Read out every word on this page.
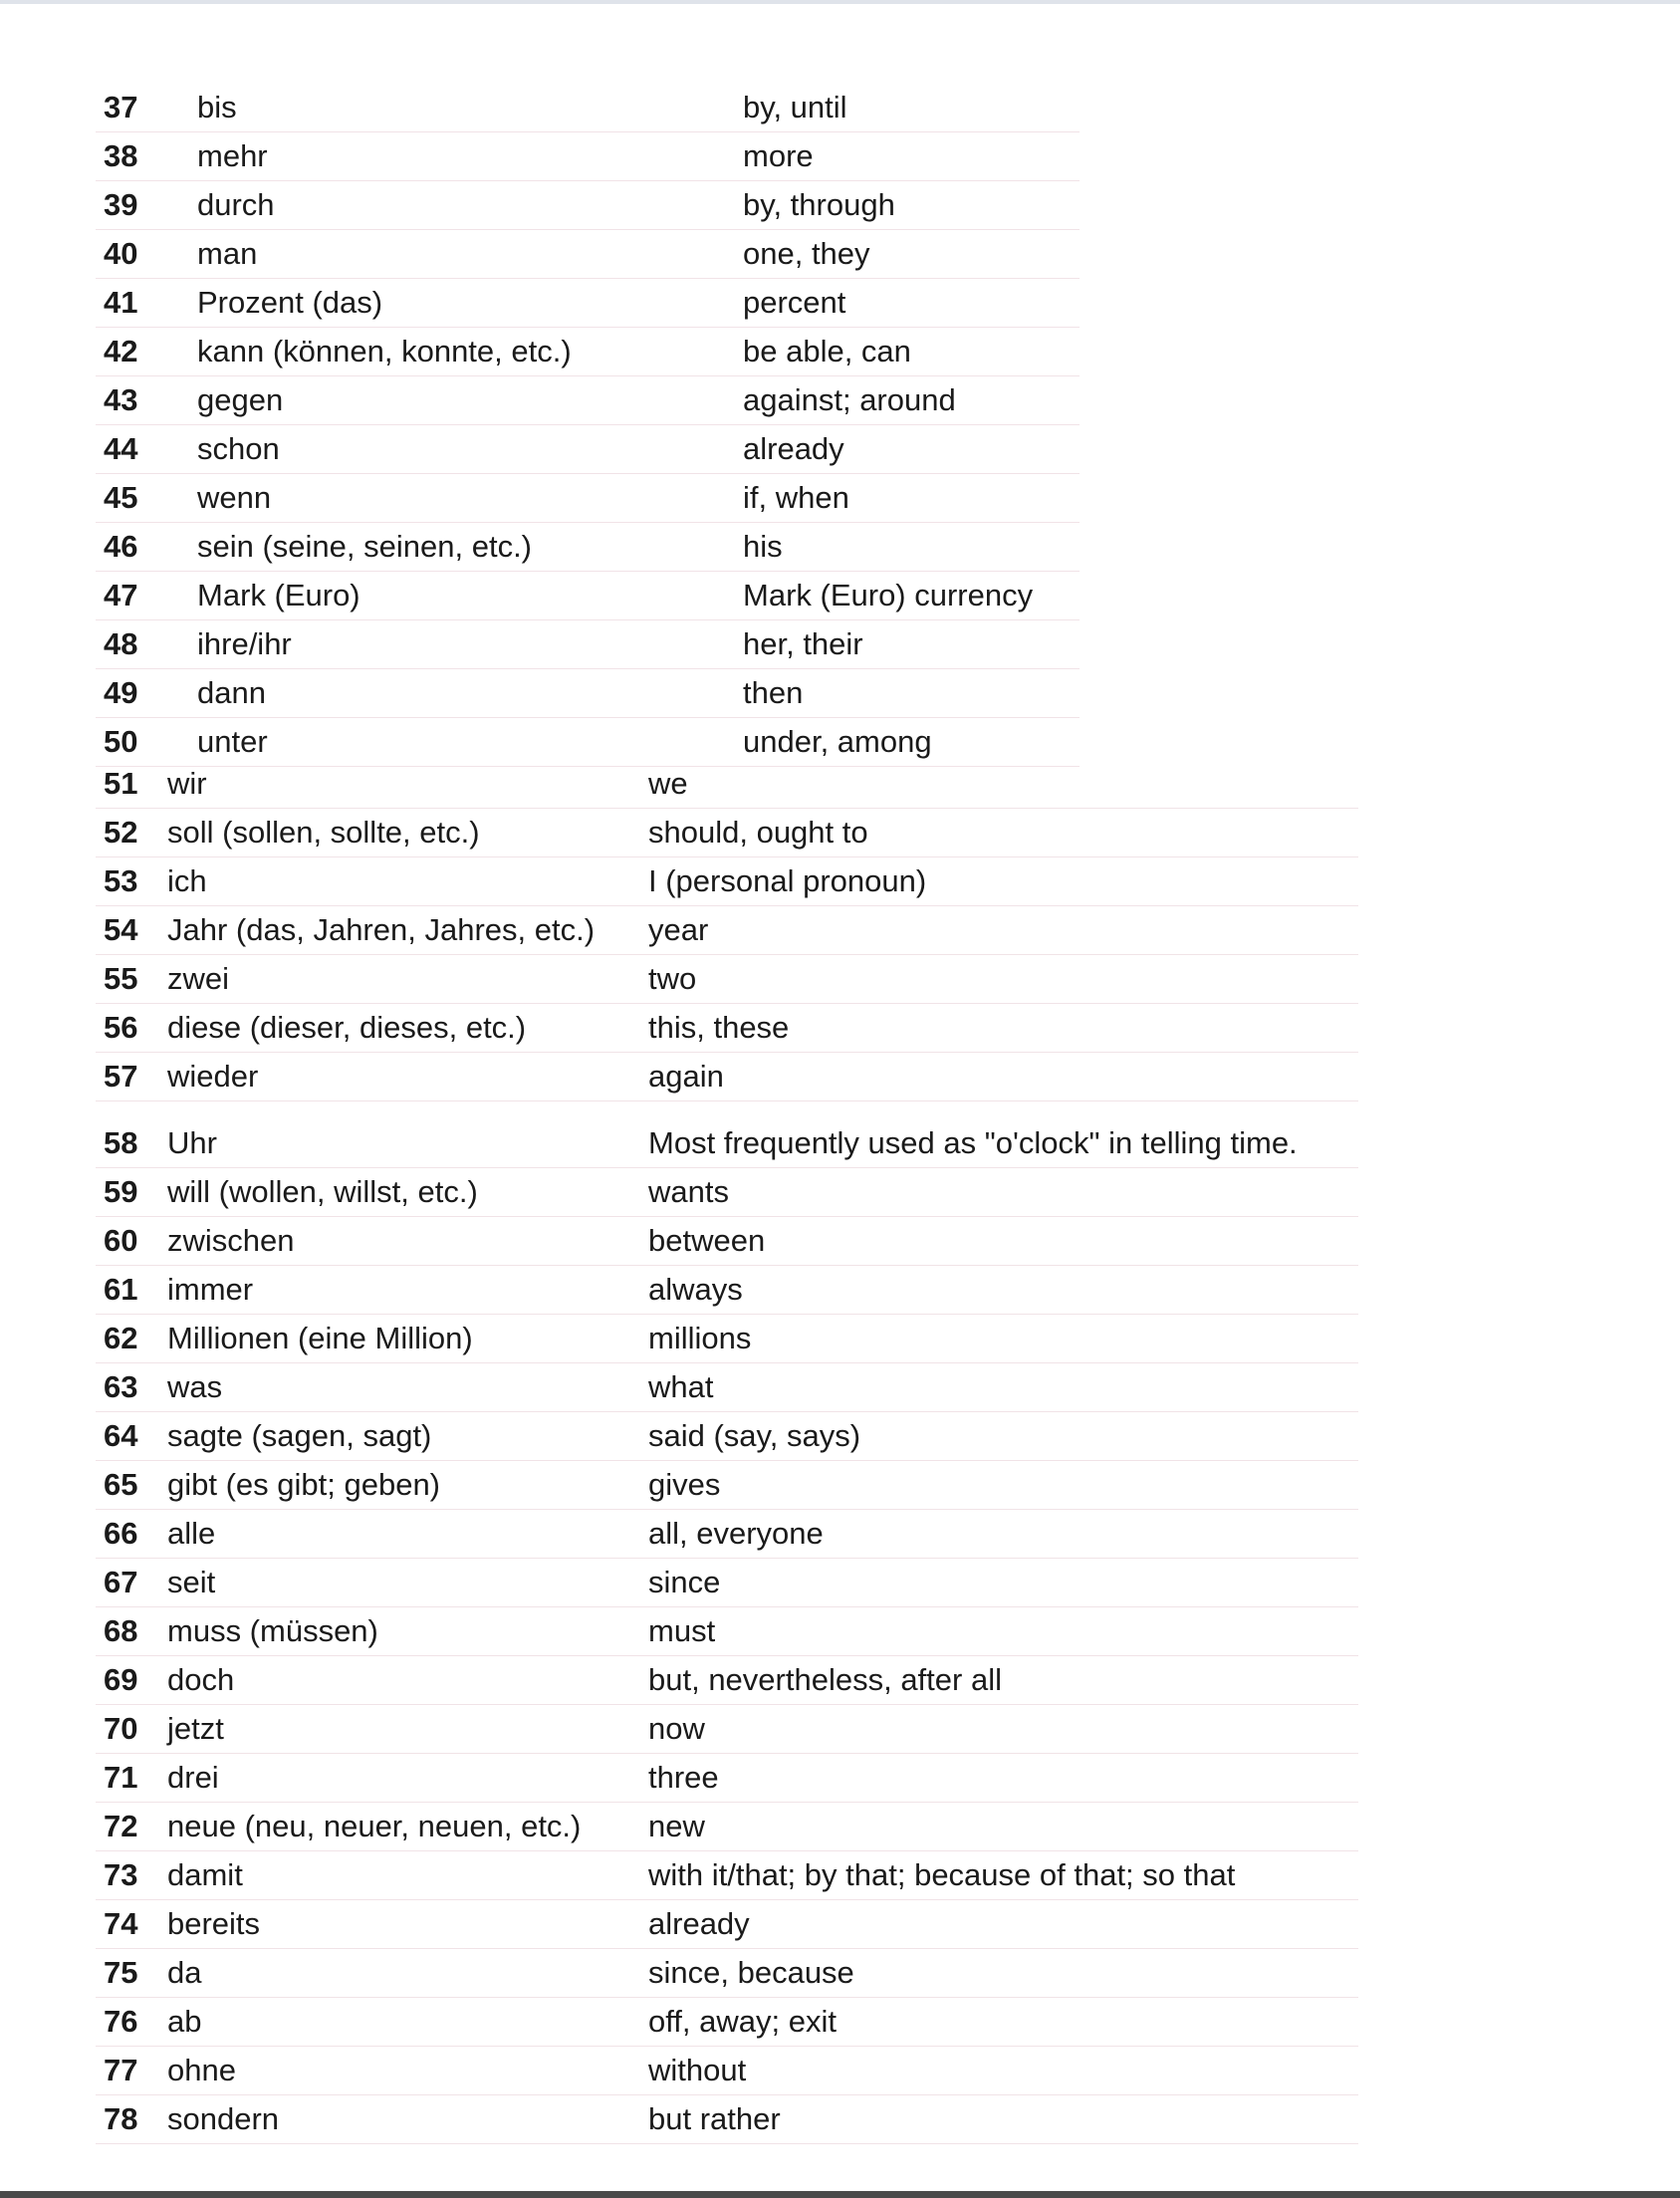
37 bis	by, until
38 mehr	more
39 durch	by, through
40 man	one, they
41 Prozent (das)	percent
42 kann (können, konnte, etc.)	be able, can
43 gegen	against; around
44 schon	already
45 wenn	if, when
46 sein (seine, seinen, etc.)	his
47 Mark (Euro)	Mark (Euro) currency
48 ihre/ihr	her, their
49 dann	then
50 unter	under, among
51 wir	we
52 soll (sollen, sollte, etc.)	should, ought to
53 ich	I (personal pronoun)
54 Jahr (das, Jahren, Jahres, etc.) year
55 zwei	two
56 diese (dieser, dieses, etc.)	this, these
57 wieder	again
58 Uhr	Most frequently used as "o'clock" in telling time.
59 will (wollen, willst, etc.)	wants
60 zwischen	between
61 immer	always
62 Millionen (eine Million)	millions
63 was	what
64 sagte (sagen, sagt)	said (say, says)
65 gibt (es gibt; geben)	gives
66 alle	all, everyone
67 seit	since
68 muss (müssen)	must
69 doch	but, nevertheless, after all
70 jetzt	now
71 drei	three
72 neue (neu, neuer, neuen, etc.) new
73 damit	with it/that; by that; because of that; so that
74 bereits	already
75 da	since, because
76 ab	off, away; exit
77 ohne	without
78 sondern	but rather
